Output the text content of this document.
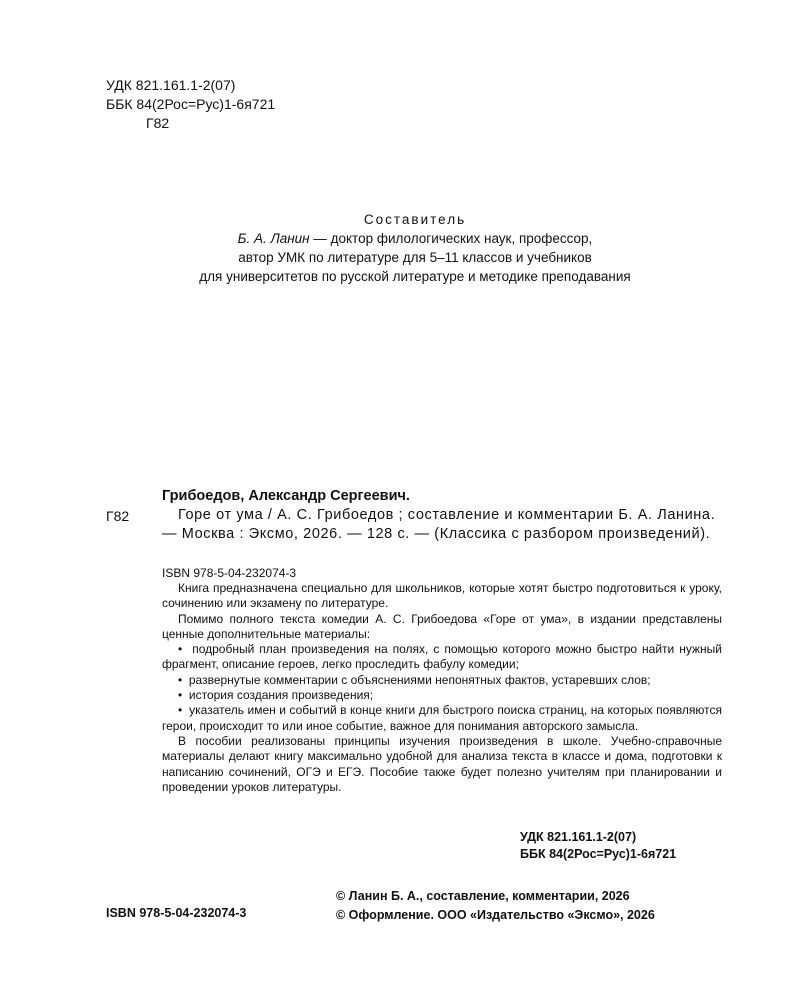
УДК 821.161.1-2(07)
ББК 84(2Рос=Рус)1-6я721
Г82
Составитель
Б. А. Ланин — доктор филологических наук, профессор,
автор УМК по литературе для 5–11 классов и учебников
для университетов по русской литературе и методике преподавания
Г82
Грибоедов, Александр Сергеевич.
Горе от ума / А. С. Грибоедов ; составление и комментарии Б. А. Ланина. — Москва : Эксмо, 2026. — 128 с. — (Классика с разбором произведений).
ISBN 978-5-04-232074-3

Книга предназначена специально для школьников, которые хотят быстро подготовиться к уроку, сочинению или экзамену по литературе.

Помимо полного текста комедии А. С. Грибоедова «Горе от ума», в издании представлены ценные дополнительные материалы:

•  подробный план произведения на полях, с помощью которого можно быстро найти нужный фрагмент, описание героев, легко проследить фабулу комедии;

•  развернутые комментарии с объяснениями непонятных фактов, устаревших слов;

•  история создания произведения;

•  указатель имен и событий в конце книги для быстрого поиска страниц, на которых появляются герои, происходит то или иное событие, важное для понимания авторского замысла.

В пособии реализованы принципы изучения произведения в школе. Учебно-справочные материалы делают книгу максимально удобной для анализа текста в классе и дома, подготовки к написанию сочинений, ОГЭ и ЕГЭ. Пособие также будет полезно учителям при планировании и проведении уроков литературы.

УДК 821.161.1-2(07)
ББК 84(2Рос=Рус)1-6я721
© Ланин Б. А., составление, комментарии, 2026
© Оформление. ООО «Издательство «Эксмо», 2026
ISBN 978-5-04-232074-3
